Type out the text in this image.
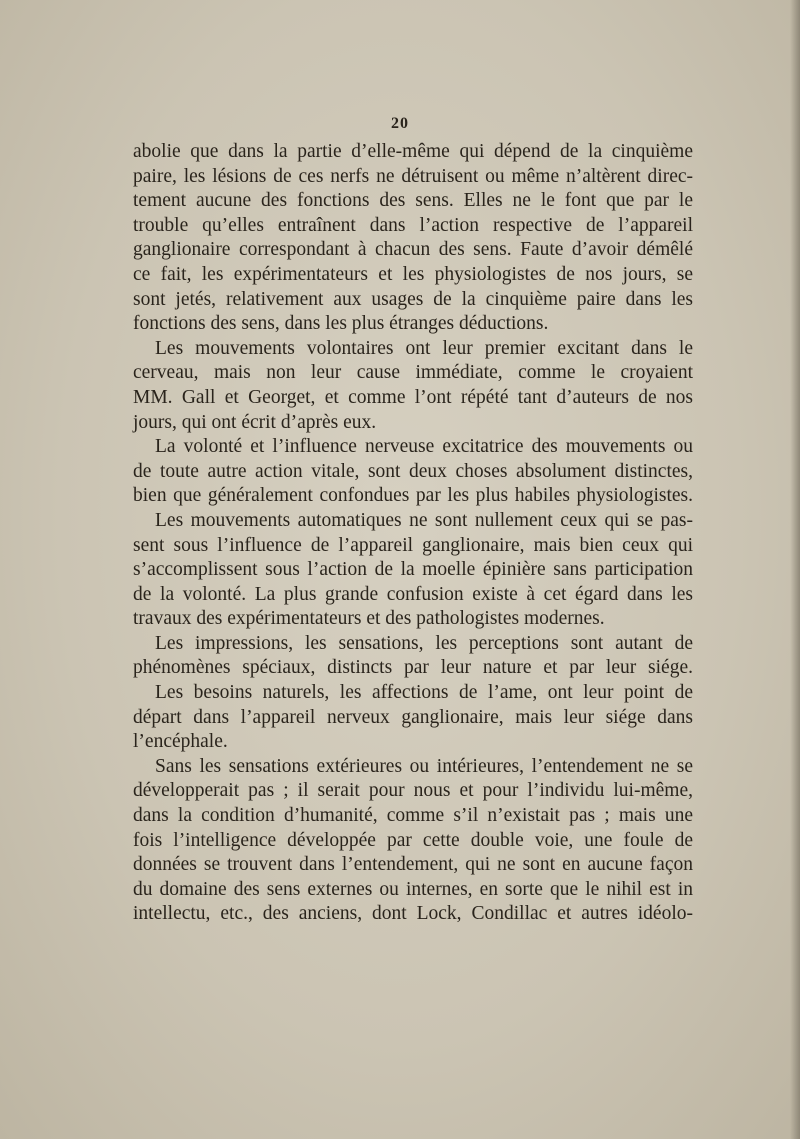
20
abolie que dans la partie d’elle-même qui dépend de la cinquième
paire, les lésions de ces nerfs ne détruisent ou même n’altèrent direc-
tement aucune des fonctions des sens. Elles ne le font que par le
trouble qu’elles entraînent dans l’action respective de l’appareil
ganglionaire correspondant à chacun des sens. Faute d’avoir démêlé
ce fait, les expérimentateurs et les physiologistes de nos jours, se
sont jetés, relativement aux usages de la cinquième paire dans les
fonctions des sens, dans les plus étranges déductions.
Les mouvements volontaires ont leur premier excitant dans le
cerveau, mais non leur cause immédiate, comme le croyaient
MM. Gall et Georget, et comme l’ont répété tant d’auteurs de nos
jours, qui ont écrit d’après eux.
La volonté et l’influence nerveuse excitatrice des mouvements ou
de toute autre action vitale, sont deux choses absolument distinctes,
bien que généralement confondues par les plus habiles physiologistes.
Les mouvements automatiques ne sont nullement ceux qui se pas-
sent sous l’influence de l’appareil ganglionaire, mais bien ceux qui
s’accomplissent sous l’action de la moelle épinière sans participation
de la volonté. La plus grande confusion existe à cet égard dans les
travaux des expérimentateurs et des pathologistes modernes.
Les impressions, les sensations, les perceptions sont autant de
phénomènes spéciaux, distincts par leur nature et par leur siége.
Les besoins naturels, les affections de l’ame, ont leur point de
départ dans l’appareil nerveux ganglionaire, mais leur siége dans
l’encéphale.
Sans les sensations extérieures ou intérieures, l’entendement ne se
développerait pas ; il serait pour nous et pour l’individu lui-même,
dans la condition d’humanité, comme s’il n’existait pas ; mais une
fois l’intelligence développée par cette double voie, une foule de
données se trouvent dans l’entendement, qui ne sont en aucune façon
du domaine des sens externes ou internes, en sorte que le nihil est in
intellectu, etc., des anciens, dont Lock, Condillac et autres idéolo-
